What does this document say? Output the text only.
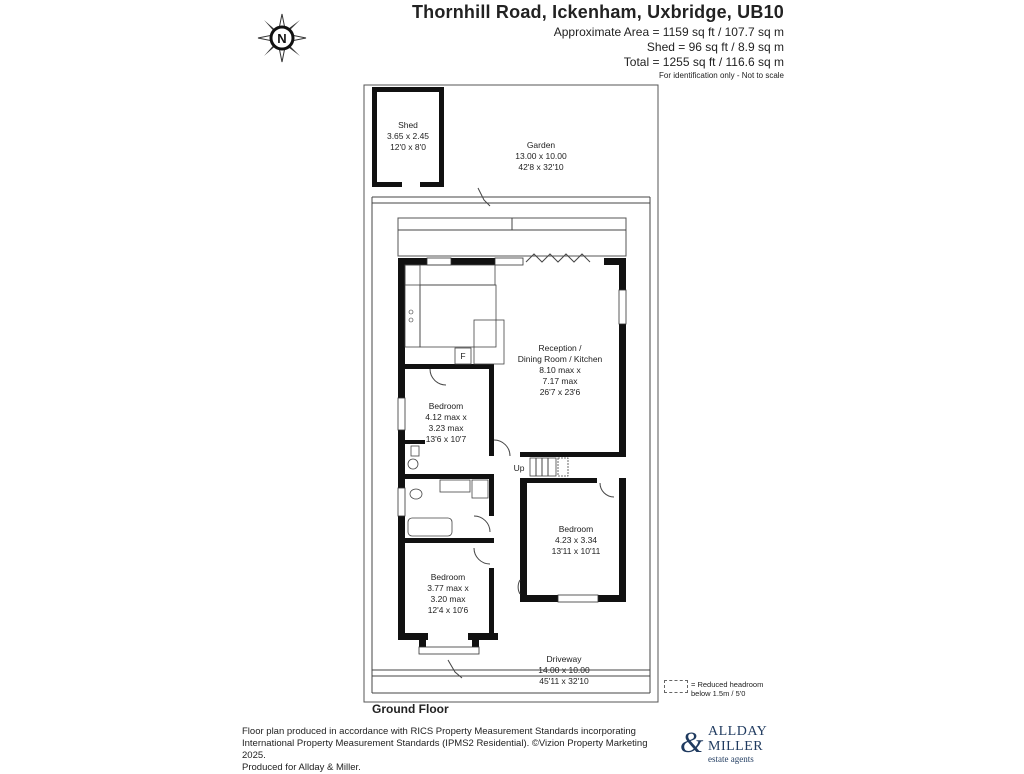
N
Thornhill Road, Ickenham, Uxbridge, UB10
Approximate Area = 1159 sq ft / 107.7 sq m
Shed = 96 sq ft / 8.9 sq m
Total = 1255 sq ft / 116.6 sq m
For identification only - Not to scale
Shed
3.65 x 2.45
12'0 x 8'0	Garden
13.00 x 10.00
42'8 x 32'10
Reception /
Dining Room / Kitchen
8.10 max x
7.17 max
26'7 x 23'6
Bedroom
4.12 max x
3.23 max
13'6 x 10'7
Bedroom
4.23 x 3.34
13'11 x 10'11
Bedroom
3.77 max x
3.20 max
12'4 x 10'6
Driveway
14.00 x 10.00
45'11 x 32'10
F
Up
= Reduced headroom
below 1.5m / 5'0
Ground Floor
Floor plan produced in accordance with RICS Property Measurement Standards incorporating
International Property Measurement Standards (IPMS2 Residential). ©Vizion Property Marketing 2025.
Produced for Allday & Miller.
ALLDAY
& MILLER
estate agents
